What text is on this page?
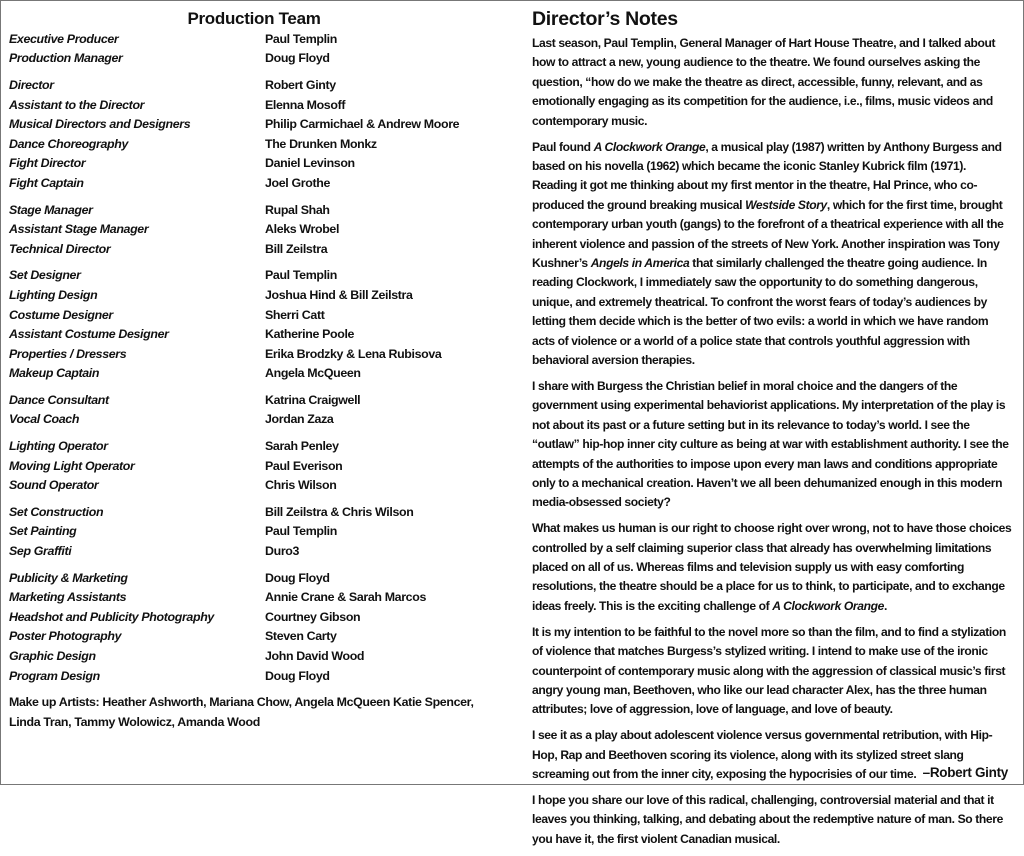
Production Team
Executive Producer	Paul Templin
Production Manager	Doug Floyd
Director	Robert Ginty
Assistant to the Director	Elenna Mosoff
Musical Directors and Designers	Philip Carmichael & Andrew Moore
Dance Choreography	The Drunken Monkz
Fight Director	Daniel Levinson
Fight Captain	Joel Grothe
Stage Manager	Rupal Shah
Assistant Stage Manager	Aleks Wrobel
Technical Director	Bill Zeilstra
Set Designer	Paul Templin
Lighting Design	Joshua Hind & Bill Zeilstra
Costume Designer	Sherri Catt
Assistant Costume Designer	Katherine Poole
Properties / Dressers	Erika Brodzky & Lena Rubisova
Makeup Captain	Angela McQueen
Dance Consultant	Katrina Craigwell
Vocal Coach	Jordan Zaza
Lighting Operator	Sarah Penley
Moving Light Operator	Paul Everison
Sound Operator	Chris Wilson
Set Construction	Bill Zeilstra & Chris Wilson
Set Painting	Paul Templin
Sep Graffiti	Duro3
Publicity & Marketing	Doug Floyd
Marketing Assistants	Annie Crane & Sarah Marcos
Headshot and Publicity Photography	Courtney Gibson
Poster Photography	Steven Carty
Graphic Design	John David Wood
Program Design	Doug Floyd
Make up Artists: Heather Ashworth, Mariana Chow, Angela McQueen Katie Spencer, Linda Tran, Tammy Wolowicz, Amanda Wood
Director’s Notes

Last season, Paul Templin, General Manager of Hart House Theatre, and I talked about how to attract a new, young audience to the theatre. We found ourselves asking the question, “how do we make the theatre as direct, accessible, funny, relevant, and as emotionally engaging as its competition for the audience, i.e., films, music videos and contemporary music.

Paul found A Clockwork Orange, a musical play (1987) written by Anthony Burgess and based on his novella (1962) which became the iconic Stanley Kubrick film (1971). Reading it got me thinking about my first mentor in the theatre, Hal Prince, who co-produced the ground breaking musical Westside Story, which for the first time, brought contemporary urban youth (gangs) to the forefront of a theatrical experience with all the inherent violence and passion of the streets of New York. Another inspiration was Tony Kushner’s Angels in America that similarly challenged the theatre going audience. In reading Clockwork, I immediately saw the opportunity to do something dangerous, unique, and extremely theatrical. To confront the worst fears of today’s audiences by letting them decide which is the better of two evils: a world in which we have random acts of violence or a world of a police state that controls youthful aggression with behavioral aversion therapies.

I share with Burgess the Christian belief in moral choice and the dangers of the government using experimental behaviorist applications. My interpretation of the play is not about its past or a future setting but in its relevance to today’s world. I see the “outlaw” hip-hop inner city culture as being at war with establishment authority. I see the attempts of the authorities to impose upon every man laws and conditions appropriate only to a mechanical creation. Haven’t we all been dehumanized enough in this modern media-obsessed society?

What makes us human is our right to choose right over wrong, not to have those choices controlled by a self claiming superior class that already has overwhelming limitations placed on all of us. Whereas films and television supply us with easy comforting resolutions, the theatre should be a place for us to think, to participate, and to exchange ideas freely. This is the exciting challenge of A Clockwork Orange.

It is my intention to be faithful to the novel more so than the film, and to find a stylization of violence that matches Burgess’s stylized writing. I intend to make use of the ironic counterpoint of contemporary music along with the aggression of classical music’s first angry young man, Beethoven, who like our lead character Alex, has the three human attributes; love of aggression, love of language, and love of beauty.

I see it as a play about adolescent violence versus governmental retribution, with Hip-Hop, Rap and Beethoven scoring its violence, along with its stylized street slang screaming out from the inner city, exposing the hypocrisies of our time.

I hope you share our love of this radical, challenging, controversial material and that it leaves you thinking, talking, and debating about the redemptive nature of man. So there you have it, the first violent Canadian musical.

–Robert Ginty
